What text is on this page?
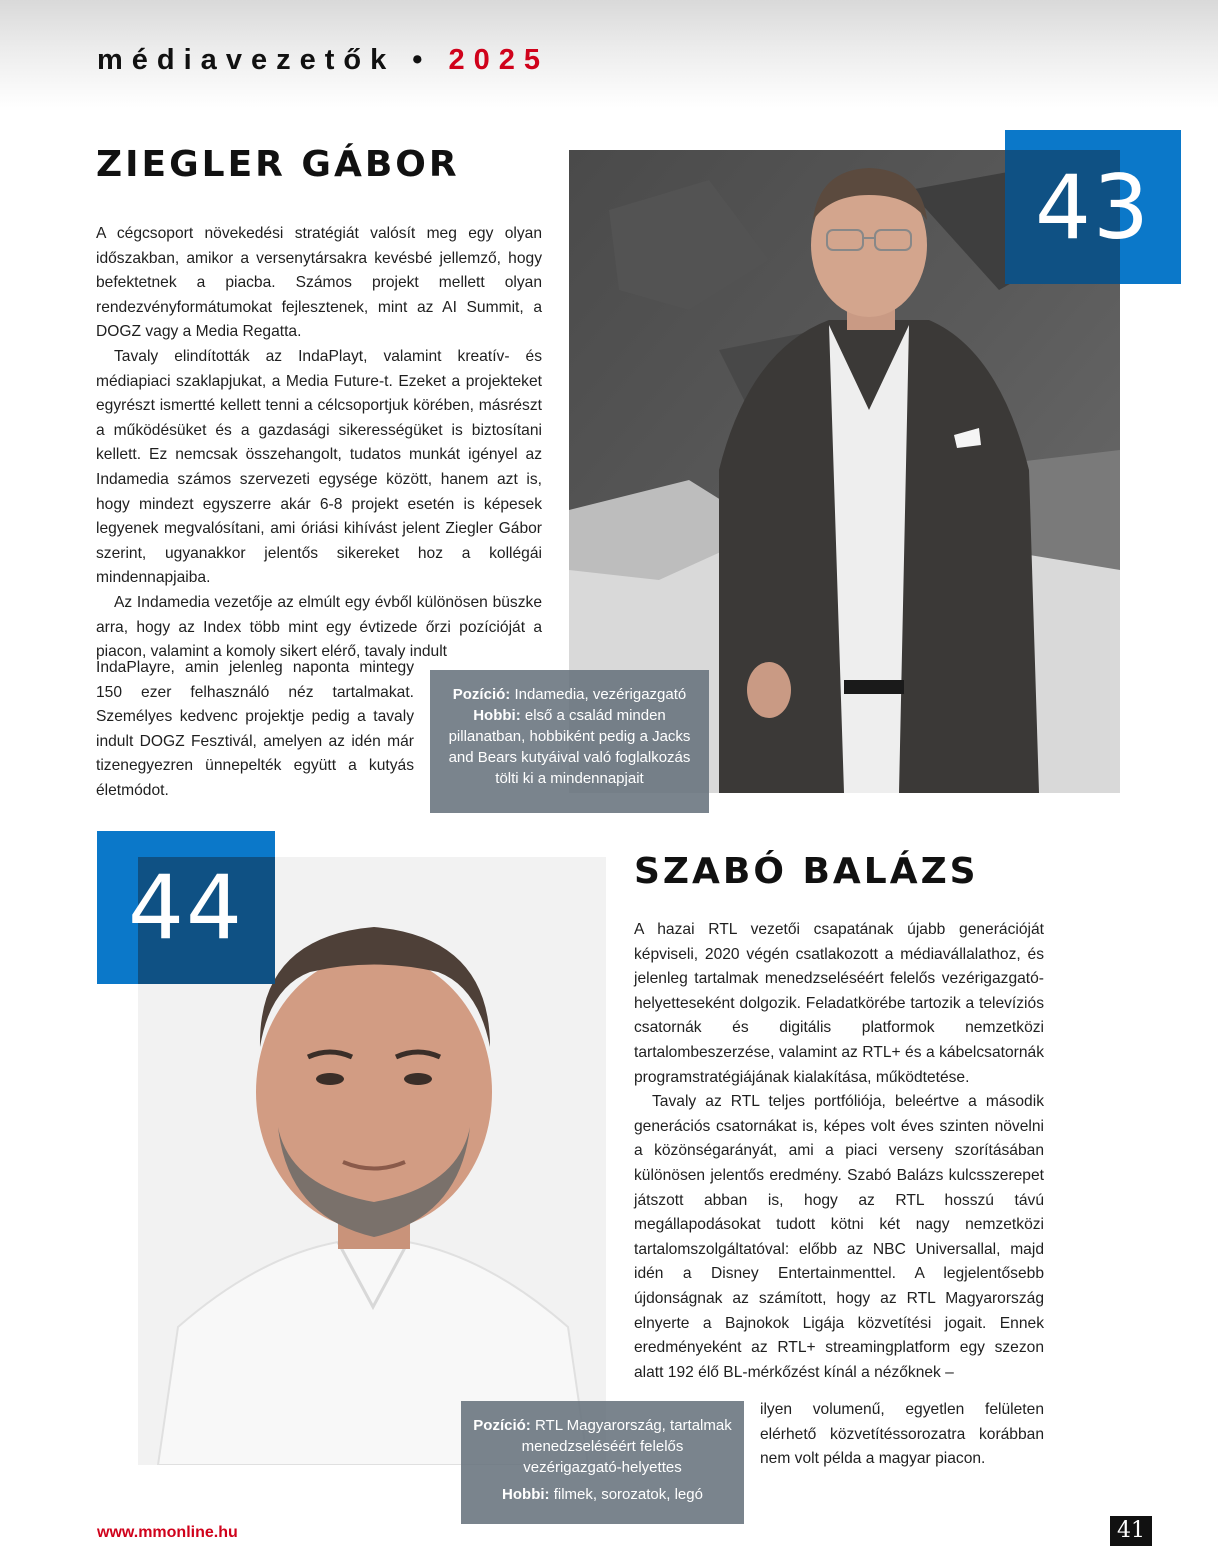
médiavezetők • 2025
ZIEGLER GÁBOR	43

A cégcsoport növekedési stratégiát valósít meg egy olyan időszakban, amikor a versenytársakra kevésbé jellemző, hogy befektetnek a piacba. Számos projekt mellett olyan rendezvényformátumokat fejlesztenek, mint az AI Summit, a DOGZ vagy a Media Regatta.

Tavaly elindították az IndaPlayt, valamint kreatív- és médiapiaci szaklapjukat, a Media Future-t. Ezeket a projekteket egyrészt ismertté kellett tenni a célcsoportjuk körében, másrészt a működésüket és a gazdasági sikerességüket is biztosítani kellett. Ez nemcsak összehangolt, tudatos munkát igényel az Indamedia számos szervezeti egysége között, hanem azt is, hogy mindezt egyszerre akár 6-8 projekt esetén is képesek legyenek megvalósítani, ami óriási kihívást jelent Ziegler Gábor szerint, ugyanakkor jelentős sikereket hoz a kollégái mindennapjaiba.

Az Indamedia vezetője az elmúlt egy évből különösen büszke arra, hogy az Index több mint egy évtizede őrzi pozícióját a piacon, valamint a komoly sikert elérő, tavaly indult

IndaPlayre, amin jelenleg naponta mintegy 150 ezer felhasználó néz tartalmakat. Személyes kedvenc projektje pedig a tavaly indult DOGZ Fesztivál, amelyen az idén már tizenegyezren ünnepelték együtt a kutyás életmódot.

Pozíció: Indamedia, vezérigazgató
Hobbi: első a család minden pillanatban, hobbiként pedig a Jacks and Bears kutyáival való foglalkozás tölti ki a mindennapjait
44	SZABÓ BALÁZS

A hazai RTL vezetői csapatának újabb generációját képviseli, 2020 végén csatlakozott a médiavállalathoz, és jelenleg tartalmak menedzseléséért felelős vezérigazgató-helyetteseként dolgozik. Feladatkörébe tartozik a televíziós csatornák és digitális platformok nemzetközi tartalombeszerzése, valamint az RTL+ és a kábelcsatornák programstratégiájának kialakítása, működtetése.

Tavaly az RTL teljes portfóliója, beleértve a második generációs csatornákat is, képes volt éves szinten növelni a közönségarányát, ami a piaci verseny szorításában különösen jelentős eredmény. Szabó Balázs kulcsszerepet játszott abban is, hogy az RTL hosszú távú megállapodásokat tudott kötni két nagy nemzetközi tartalomszolgáltatóval: előbb az NBC Universallal, majd idén a Disney Entertainmenttel. A legjelentősebb újdonságnak az számított, hogy az RTL Magyarország elnyerte a Bajnokok Ligája közvetítési jogait. Ennek eredményeként az RTL+ streamingplatform egy szezon alatt 192 élő BL-mérkőzést kínál a nézőknek –

ilyen volumenű, egyetlen felületen elérhető közvetítéssorozatra korábban nem volt példa a magyar piacon.

Pozíció: RTL Magyarország, tartalmak menedzseléséért felelős vezérigazgató-helyettes
Hobbi: filmek, sorozatok, legó
www.mmonline.hu	41
